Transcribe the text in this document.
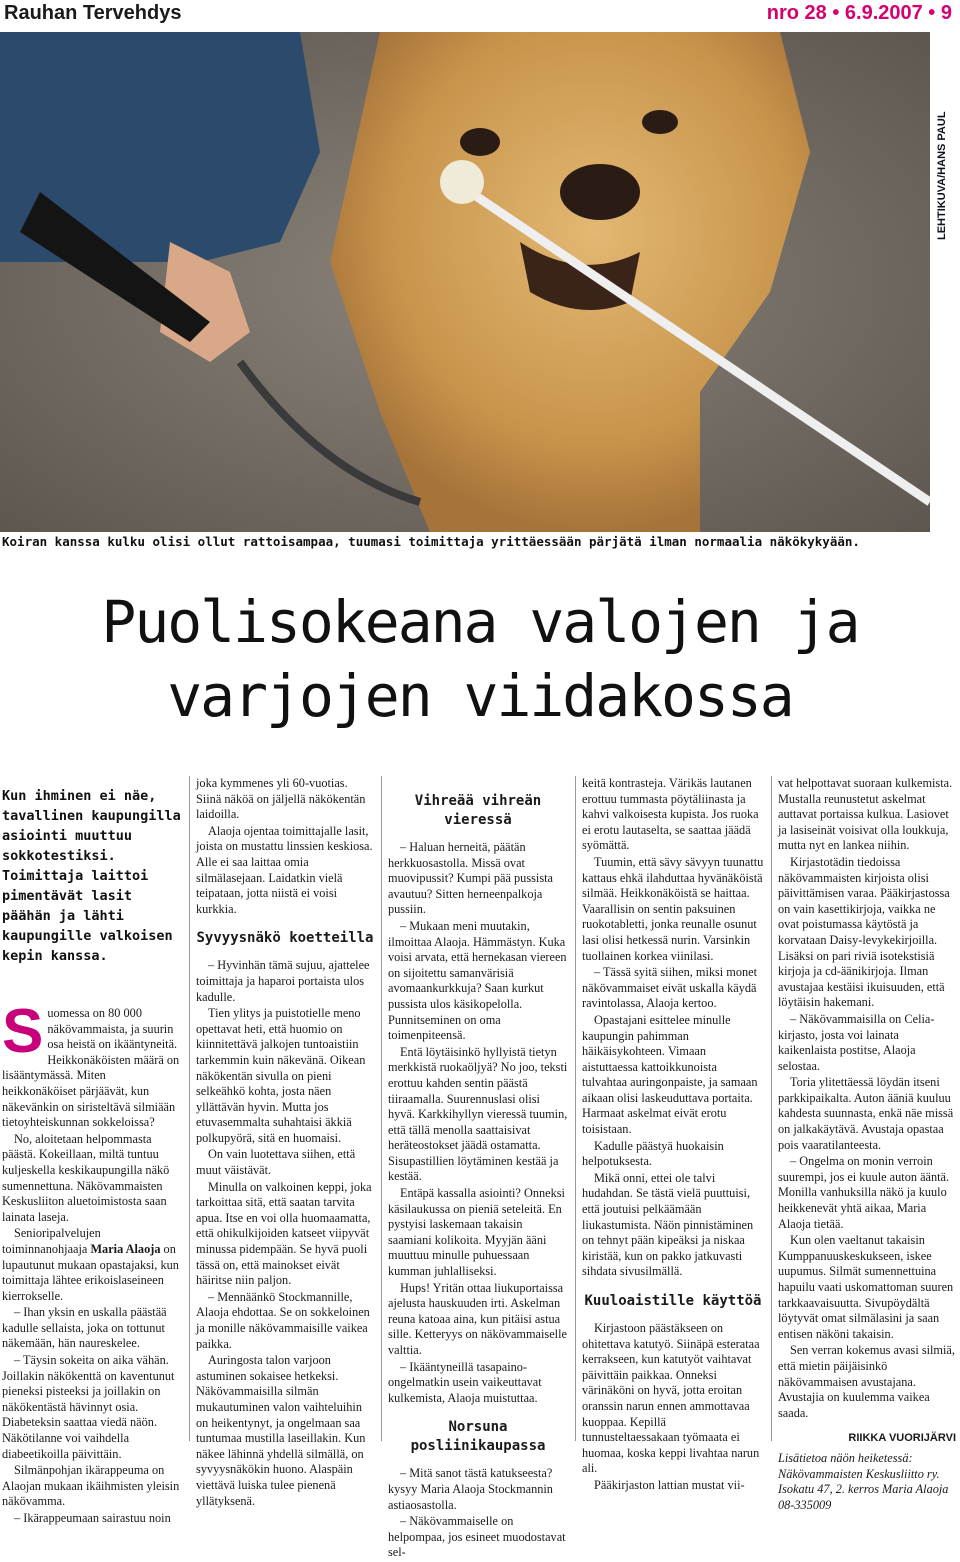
Rauhan Tervehdys	nro 28 • 6.9.2007 • 9
LEHTIKUVA/HANS PAUL
Koiran kanssa kulku olisi ollut rattoisampaa, tuumasi toimittaja yrittäessään pärjätä ilman normaalia näkökykyään.
Puolisokeana valojen ja
varjojen viidakossa
Kun ihminen ei näe, tavallinen kaupungilla asiointi muuttuu sokkotestiksi. Toimittaja laittoi pimentävät lasit päähän ja lähti kaupungille valkoisen kepin kanssa.

Suomessa on 80 000 näkövammaista, ja suurin osa heistä on ikääntyneitä. Heikkonäköisten määrä on lisääntymässä. Miten heikkonäköiset pärjäävät, kun näkevänkin on siristeltävä silmiään tietoyhteiskunnan sokkeloissa?

No, aloitetaan helpommasta päästä. Kokeillaan, miltä tuntuu kuljeskella keskikaupungilla näkö sumennettuna. Näkövammaisten Keskusliiton aluetoimistosta saan lainata laseja.

Senioripalvelujen toiminnanohjaaja Maria Alaoja on lupautunut mukaan opastajaksi, kun toimittaja lähtee erikoislaseineen kierrokselle.

– Ihan yksin en uskalla päästää kadulle sellaista, joka on tottunut näkemään, hän naureskelee.

– Täysin sokeita on aika vähän. Joillakin näkökenttä on kaventunut pieneksi pisteeksi ja joillakin on näkökentästä hävinnyt osia. Diabeteksin saattaa viedä näön. Näkötilanne voi vaihdella diabeetikoilla päivittäin.

Silmänpohjan ikärappeuma on Alaojan mukaan ikäihmisten yleisin näkövamma.

– Ikärappeumaan sairastuu noin

joka kymmenes yli 60-vuotias. Siinä näköä on jäljellä näkökentän laidoilla.

Alaoja ojentaa toimittajalle lasit, joista on mustattu linssien keskiosa. Alle ei saa laittaa omia silmälasejaan. Laidatkin vielä teipataan, jotta niistä ei voisi kurkkia.

Syvyysnäkö koetteilla

– Hyvinhän tämä sujuu, ajattelee toimittaja ja haparoi portaista ulos kadulle.

Tien ylitys ja puistotielle meno opettavat heti, että huomio on kiinnitettävä jalkojen tuntoaistiin tarkemmin kuin näkevänä. Oikean näkökentän sivulla on pieni selkeähkö kohta, josta näen yllättävän hyvin. Mutta jos etuvasemmalta suhahtaisi äkkiä polkupyörä, sitä en huomaisi.

On vain luotettava siihen, että muut väistävät.

Minulla on valkoinen keppi, joka tarkoittaa sitä, että saatan tarvita apua. Itse en voi olla huomaamatta, että ohikulkijoiden katseet viipyvät minussa pidempään. Se hyvä puoli tässä on, että mainokset eivät häiritse niin paljon.

– Mennäänkö Stockmannille, Alaoja ehdottaa. Se on sokkeloinen ja monille näkövammaisille vaikea paikka.

Auringosta talon varjoon astuminen sokaisee hetkeksi. Näkövammaisilla silmän mukautuminen valon vaihteluihin on heikentynyt, ja ongelmaan saa tuntumaa mustilla laseillakin. Kun näkee lähinnä yhdellä silmällä, on syvyysnäkökin huono. Alaspäin viettävä luiska tulee pienenä yllätyksenä.

Vihreää vihreän vieressä

– Haluan herneitä, päätän herkkuosastolla. Missä ovat muovipussit? Kumpi pää pussista avautuu? Sitten herneenpalkoja pussiin.

– Mukaan meni muutakin, ilmoittaa Alaoja. Hämmästyn. Kuka voisi arvata, että hernekasan viereen on sijoitettu samanvärisiä avomaankurkkuja? Saan kurkut pussista ulos käsikopelolla. Punnitseminen on oma toimenpiteensä.

Entä löytäisinkö hyllyistä tietyn merkkistä ruokaöljyä? No joo, teksti erottuu kahden sentin päästä tiiraamalla. Suurennuslasi olisi hyvä. Karkkihyllyn vieressä tuumin, että tällä menolla saattaisivat heräteostokset jäädä ostamatta. Sisupastillien löytäminen kestää ja kestää.

Entäpä kassalla asiointi? Onneksi käsilaukussa on pieniä seteleitä. En pystyisi laskemaan takaisin saamiani kolikoita. Myyjän ääni muuttuu minulle puhuessaan kumman juhlalliseksi.

Hups! Yritän ottaa liukuportaissa ajelusta hauskuuden irti. Askelman reuna katoaa aina, kun pitäisi astua sille. Ketteryys on näkövammaiselle valttia.

– Ikääntyneillä tasapaino-ongelmatkin usein vaikeuttavat kulkemista, Alaoja muistuttaa.

Norsuna posliinikaupassa

– Mitä sanot tästä katukseesta? kysyy Maria Alaoja Stockmannin astiaosastolla.

– Näkövammaiselle on helpompaa, jos esineet muodostavat sel-

keitä kontrasteja. Värikäs lautanen erottuu tummasta pöytäliinasta ja kahvi valkoisesta kupista. Jos ruoka ei erotu lautaselta, se saattaa jäädä syömättä.

Tuumin, että sävy sävyyn tuunattu kattaus ehkä ilahduttaa hyvänäköistä silmää. Heikkonäköistä se haittaa. Vaarallisin on sentin paksuinen ruokotabletti, jonka reunalle osunut lasi olisi hetkessä nurin. Varsinkin tuollainen korkea viinilasi.

– Tässä syitä siihen, miksi monet näkövammaiset eivät uskalla käydä ravintolassa, Alaoja kertoo.

Opastajani esittelee minulle kaupungin pahimman häikäisykohteen. Vimaan aistuttaessa kattoikkunoista tulvahtaa auringonpaiste, ja samaan aikaan olisi laskeuduttava portaita. Harmaat askelmat eivät erotu toisistaan.

Kadulle päästyä huokaisin helpotuksesta.

Mikä onni, ettei ole talvi hudahdan. Se tästä vielä puuttuisi, että joutuisi pelkäämään liukastumista. Näön pinnistäminen on tehnyt pään kipeäksi ja niskaa kiristää, kun on pakko jatkuvasti sihdata sivusilmällä.

Kuuloaistille käyttöä

Kirjastoon päästäkseen on ohitettava katutyö. Siinäpä esterataa kerrakseen, kun katutyöt vaihtavat päivittäin paikkaa. Onneksi värinäköni on hyvä, jotta eroitan oranssin narun ennen ammottavaa kuoppaa. Kepillä tunnusteltaessakaan työmaata ei huomaa, koska keppi livahtaa narun ali.

Pääkirjaston lattian mustat vii-

vat helpottavat suoraan kulkemista. Mustalla reunustetut askelmat auttavat portaissa kulkua. Lasiovet ja lasiseinät voisivat olla loukkuja, mutta nyt en lankea niihin.

Kirjastotädin tiedoissa näkövammaisten kirjoista olisi päivittämisen varaa. Pääkirjastossa on vain kasettikirjoja, vaikka ne ovat poistumassa käytöstä ja korvataan Daisy-levykekirjoilla. Lisäksi on pari riviä isotekstisiä kirjoja ja cd-äänikirjoja. Ilman avustajaa kestäisi ikuisuuden, että löytäisin hakemani.

– Näkövammaisilla on Celia-kirjasto, josta voi lainata kaikenlaista postitse, Alaoja selostaa.

Toria ylitettäessä löydän itseni parkkipaikalta. Auton ääniä kuuluu kahdesta suunnasta, enkä näe missä on jalkakäytävä. Avustaja opastaa pois vaaratilanteesta.

– Ongelma on monin verroin suurempi, jos ei kuule auton ääntä. Monilla vanhuksilla näkö ja kuulo heikkenevät yhtä aikaa, Maria Alaoja tietää.

Kun olen vaeltanut takaisin Kumppanuuskeskukseen, iskee uupumus. Silmät sumennettuina hapuilu vaati uskomattoman suuren tarkkaavaisuutta. Sivupöydältä löytyvät omat silmälasini ja saan entisen näköni takaisin.

Sen verran kokemus avasi silmiä, että mietin päijäisinkö näkövammaisen avustajana. Avustajia on kuulemma vaikea saada.

RIIKKA VUORIJÄRVI

Lisätietoa näön heiketessä: Näkövammaisten Keskusliitto ry. Isokatu 47, 2. kerros Maria Alaoja 08-335009
